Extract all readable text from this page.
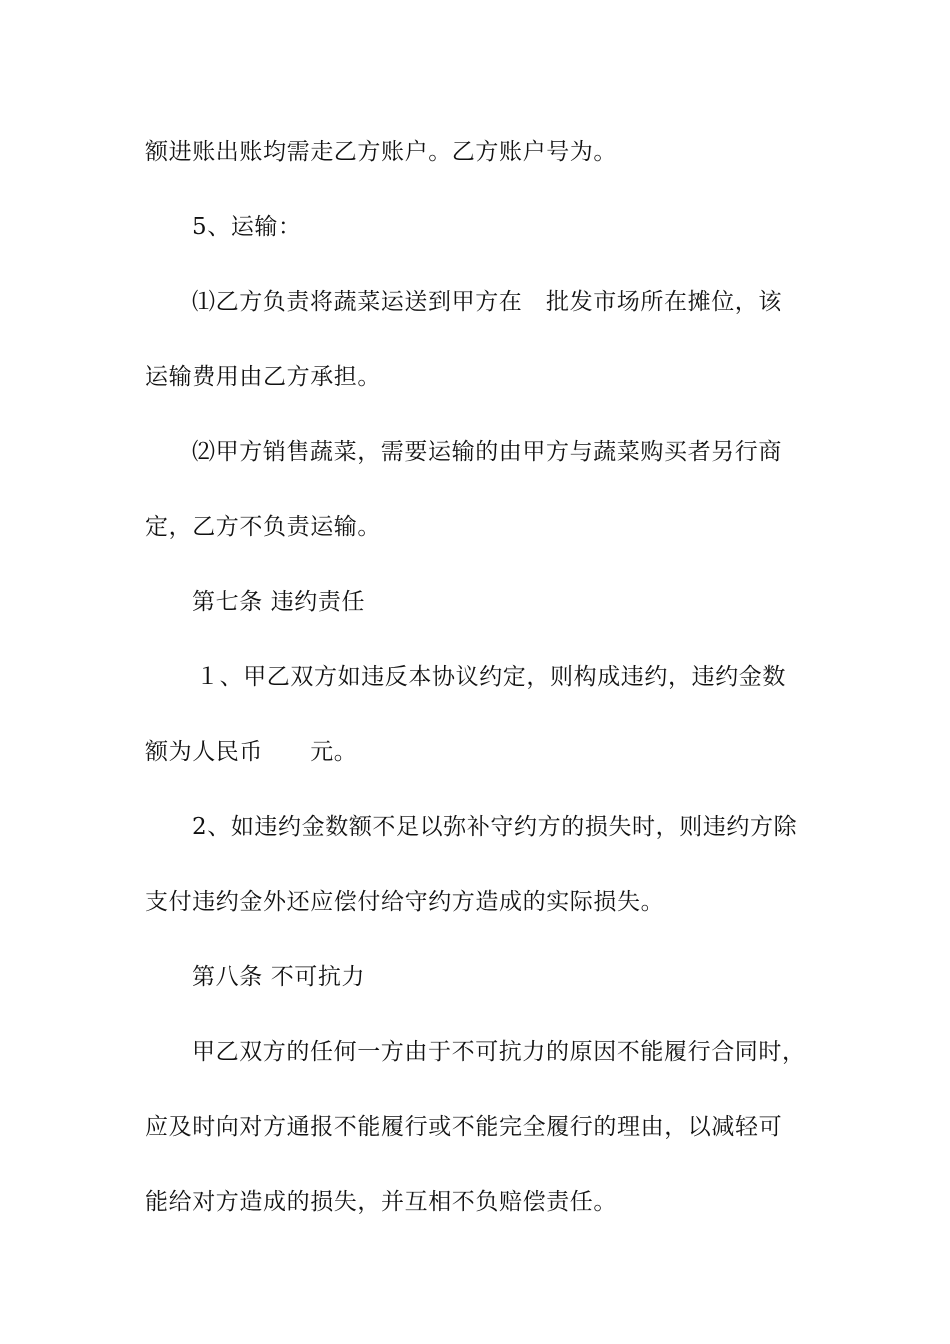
额进账出账均需走乙方账户。乙方账户号为。
5、运输：
⑴乙方负责将蔬菜运送到甲方在　批发市场所在摊位，该
运输费用由乙方承担。
⑵甲方销售蔬菜，需要运输的由甲方与蔬菜购买者另行商
定，乙方不负责运输。
第七条 违约责任
１、甲乙双方如违反本协议约定，则构成违约，违约金数
额为人民币　　元。
2、如违约金数额不足以弥补守约方的损失时，则违约方除
支付违约金外还应偿付给守约方造成的实际损失。
第八条 不可抗力
甲乙双方的任何一方由于不可抗力的原因不能履行合同时，
应及时向对方通报不能履行或不能完全履行的理由，以减轻可
能给对方造成的损失，并互相不负赔偿责任。
